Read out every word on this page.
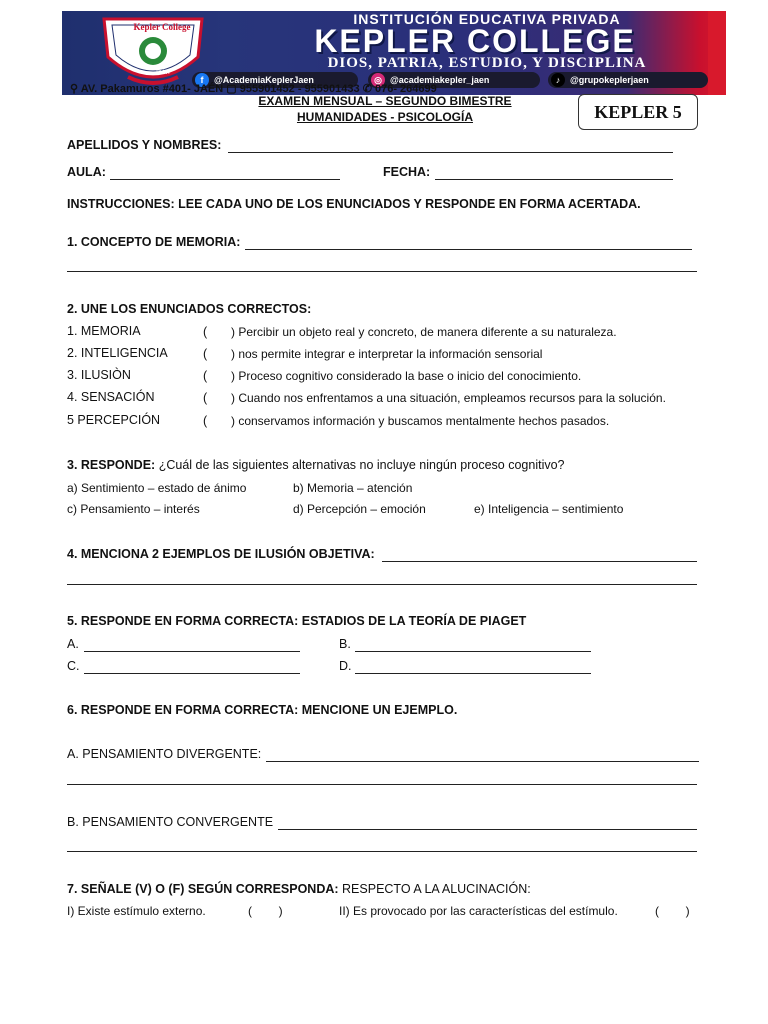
Kepler College
Jaén
INSTITUCIÓN EDUCATIVA PRIVADA
KEPLER COLLEGE
DIOS, PATRIA, ESTUDIO, Y DISCIPLINA
f	@AcademiaKeplerJaen	◎ @academiakepler_jaen	♪	@grupokeplerjaen
⚲ AV. Pakamuros #401- JAÉN ▢ 955901452 - 955901433 ✆ 076- 264699
EXAMEN MENSUAL – SEGUNDO BIMESTRE
HUMANIDADES - PSICOLOGÍA	KEPLER 5
APELLIDOS Y NOMBRES:
AULA:	FECHA:
INSTRUCCIONES: LEE CADA UNO DE LOS ENUNCIADOS Y RESPONDE EN FORMA ACERTADA.
1. CONCEPTO DE MEMORIA:
2. UNE LOS ENUNCIADOS CORRECTOS:
1. MEMORIA	( ) Percibir un objeto real y concreto, de manera diferente a su naturaleza.
2. INTELIGENCIA	( ) nos permite integrar e interpretar la información sensorial
3. ILUSIÒN	( ) Proceso cognitivo considerado la base o inicio del conocimiento.
4. SENSACIÓN	( ) Cuando nos enfrentamos a una situación, empleamos recursos para la solución.
5 PERCEPCIÓN	( ) conservamos información y buscamos mentalmente hechos pasados.
3. RESPONDE: ¿Cuál de las siguientes alternativas no incluye ningún proceso cognitivo?
a) Sentimiento – estado de ánimo	b) Memoria – atención
c) Pensamiento – interés	d) Percepción – emoción	e) Inteligencia – sentimiento
4. MENCIONA 2 EJEMPLOS DE ILUSIÓN OBJETIVA:
5. RESPONDE EN FORMA CORRECTA: ESTADIOS DE LA TEORÍA DE PIAGET
A.	B.
C.	D.
6. RESPONDE EN FORMA CORRECTA: MENCIONE UN EJEMPLO.
A. PENSAMIENTO DIVERGENTE:
B. PENSAMIENTO CONVERGENTE
7. SEÑALE (V) O (F) SEGÚN CORRESPONDA: RESPECTO A LA ALUCINACIÓN:
I) Existe estímulo externo.	(        )	II) Es provocado por las características del estímulo.	(        )
